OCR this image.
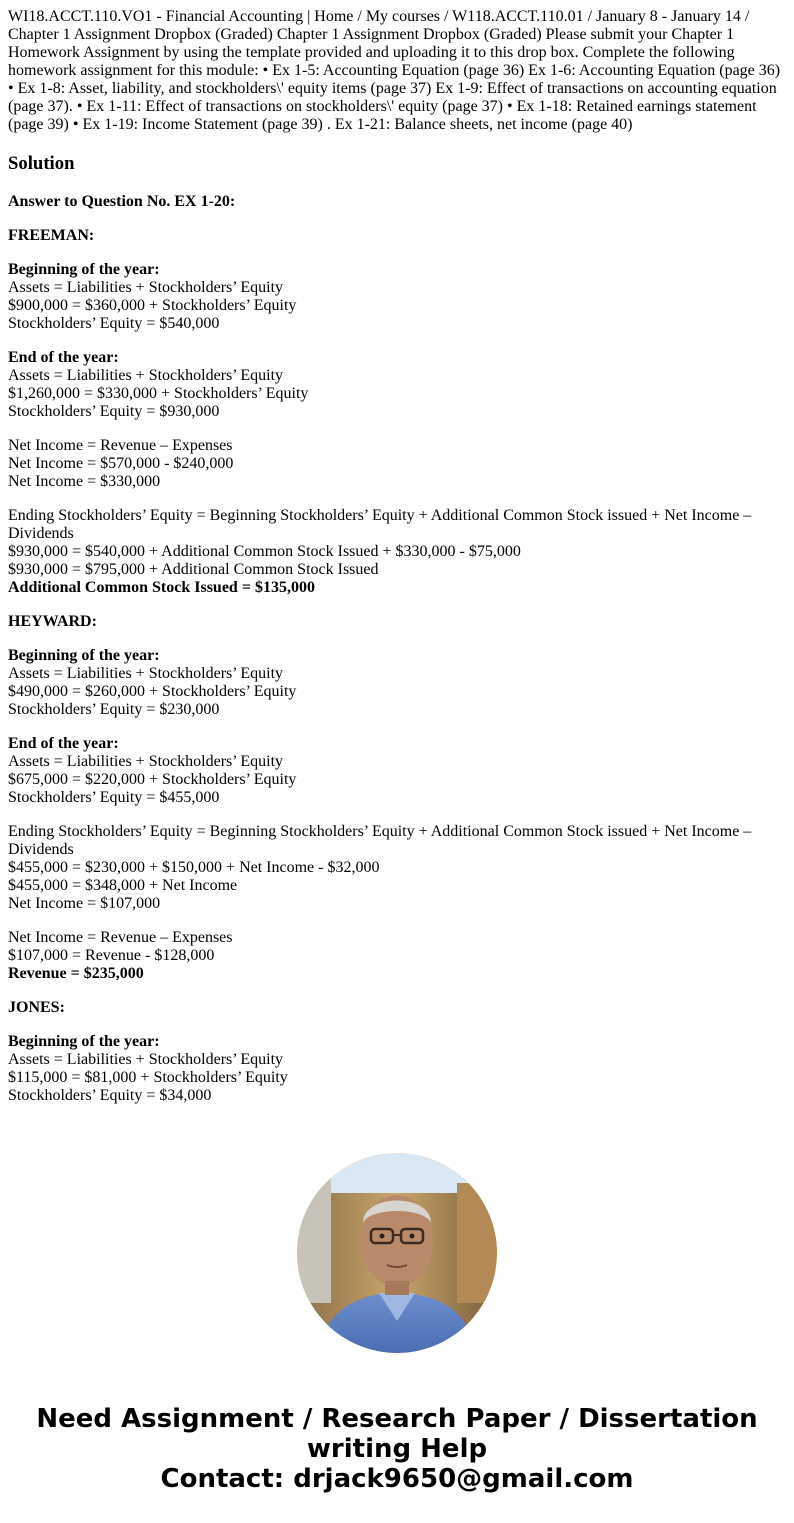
WI18.ACCT.110.VO1 - Financial Accounting | Home / My courses / W118.ACCT.110.01 / January 8 - January 14 / Chapter 1 Assignment Dropbox (Graded) Chapter 1 Assignment Dropbox (Graded) Please submit your Chapter 1 Homework Assignment by using the template provided and uploading it to this drop box. Complete the following homework assignment for this module: • Ex 1-5: Accounting Equation (page 36) Ex 1-6: Accounting Equation (page 36) • Ex 1-8: Asset, liability, and stockholders\' equity items (page 37) Ex 1-9: Effect of transactions on accounting equation (page 37). • Ex 1-11: Effect of transactions on stockholders\' equity (page 37) • Ex 1-18: Retained earnings statement (page 39) • Ex 1-19: Income Statement (page 39) . Ex 1-21: Balance sheets, net income (page 40)
Solution
Answer to Question No. EX 1-20:
FREEMAN:
Beginning of the year:
Assets = Liabilities + Stockholders’ Equity
$900,000 = $360,000 + Stockholders’ Equity
Stockholders’ Equity = $540,000
End of the year:
Assets = Liabilities + Stockholders’ Equity
$1,260,000 = $330,000 + Stockholders’ Equity
Stockholders’ Equity = $930,000
Net Income = Revenue – Expenses
Net Income = $570,000 - $240,000
Net Income = $330,000
Ending Stockholders’ Equity = Beginning Stockholders’ Equity + Additional Common Stock issued + Net Income – Dividends
$930,000 = $540,000 + Additional Common Stock Issued + $330,000 - $75,000
$930,000 = $795,000 + Additional Common Stock Issued
Additional Common Stock Issued = $135,000
HEYWARD:
Beginning of the year:
Assets = Liabilities + Stockholders’ Equity
$490,000 = $260,000 + Stockholders’ Equity
Stockholders’ Equity = $230,000
End of the year:
Assets = Liabilities + Stockholders’ Equity
$675,000 = $220,000 + Stockholders’ Equity
Stockholders’ Equity = $455,000
Ending Stockholders’ Equity = Beginning Stockholders’ Equity + Additional Common Stock issued + Net Income – Dividends
$455,000 = $230,000 + $150,000 + Net Income - $32,000
$455,000 = $348,000 + Net Income
Net Income = $107,000
Net Income = Revenue – Expenses
$107,000 = Revenue - $128,000
Revenue = $235,000
JONES:
Beginning of the year:
Assets = Liabilities + Stockholders’ Equity
$115,000 = $81,000 + Stockholders’ Equity
Stockholders’ Equity = $34,000
Need Assignment / Research Paper / Dissertation
writing Help
Contact: drjack9650@gmail.com
